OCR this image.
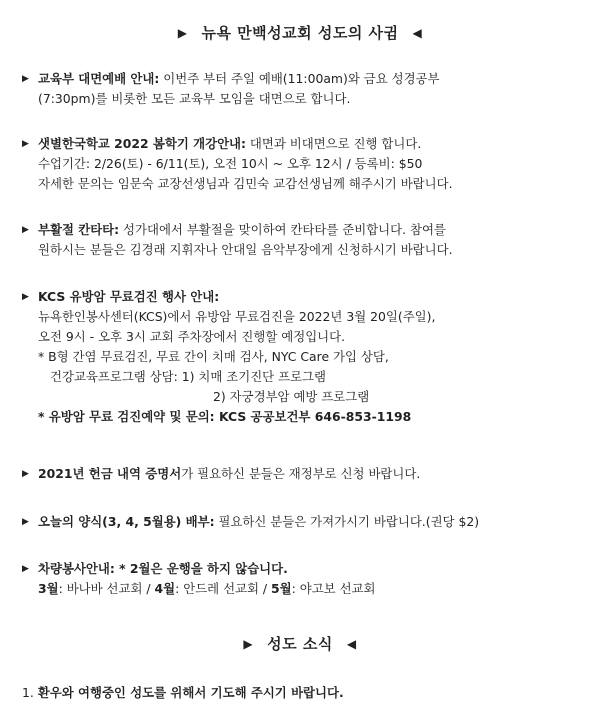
▶ 뉴욕 만백성교회 성도의 사귐 ◀
▶ 교육부 대면예배 안내: 이번주 부터 주일 예배(11:00am)와 금요 성경공부
(7:30pm)를 비롯한 모든 교육부 모임을 대면으로 합니다.
▶ 샛별한국학교 2022 봄학기 개강안내: 대면과 비대면으로 진행 합니다.
수업기간: 2/26(토) - 6/11(토), 오전 10시 ~ 오후 12시 / 등록비: $50
자세한 문의는 임문숙 교장선생님과 김민숙 교감선생님께 해주시기 바랍니다.
▶ 부활절 칸타타: 성가대에서 부활절을 맞이하여 칸타타를 준비합니다. 참여를
원하시는 분들은 김경래 지휘자나 안대일 음악부장에게 신청하시기 바랍니다.
▶ KCS 유방암 무료검진 행사 안내:
뉴욕한인봉사센터(KCS)에서 유방암 무료검진을 2022년 3월 20일(주일),
오전 9시 - 오후 3시 교회 주차장에서 진행할 예정입니다.
* B형 간염 무료검진, 무료 간이 치매 검사, NYC Care 가입 상담,
건강교육프로그램 상담: 1) 치매 조기진단 프로그램
2) 자궁경부암 예방 프로그램
* 유방암 무료 검진예약 및 문의: KCS 공공보건부 646-853-1198
▶ 2021년 헌금 내역 증명서가 필요하신 분들은 재정부로 신청 바랍니다.
▶ 오늘의 양식(3, 4, 5월용) 배부: 필요하신 분들은 가져가시기 바랍니다.(권당 $2)
▶ 차량봉사안내: * 2월은 운행을 하지 않습니다.
3월: 바나바 선교회 / 4월: 안드레 선교회 / 5월: 야고보 선교회
▶ 성도 소식 ◀
1. 환우와 여행중인 성도를 위해서 기도해 주시기 바랍니다.
